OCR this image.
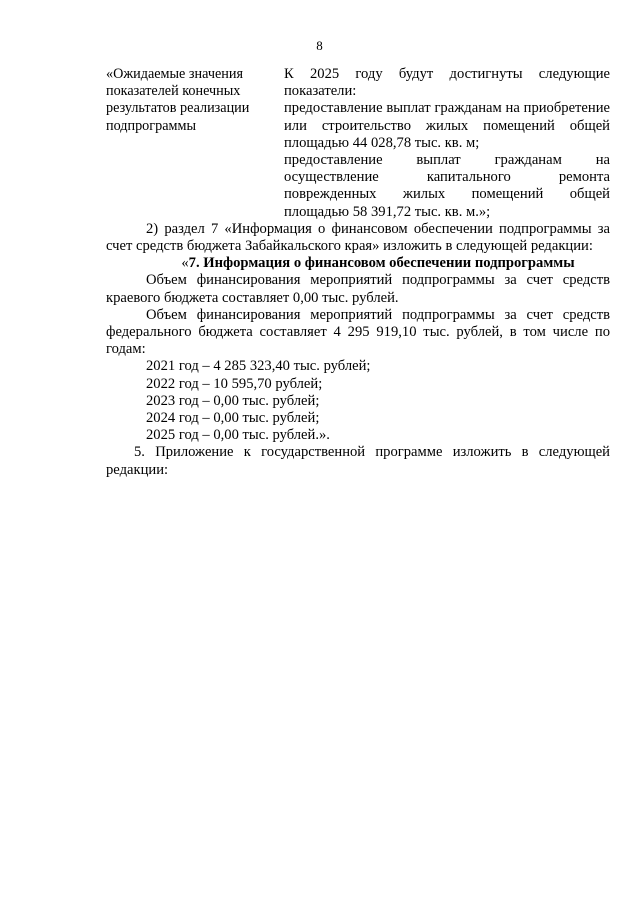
8
«Ожидаемые значения показателей конечных результатов реализации подпрограммы

К 2025 году будут достигнуты следующие показатели:

предоставление выплат гражданам на приобретение или строительство жилых помещений общей площадью 44 028,78 тыс. кв. м;

предоставление выплат гражданам на осуществление капитального ремонта поврежденных жилых помещений общей площадью 58 391,72 тыс. кв. м.»;

2) раздел 7 «Информация о финансовом обеспечении подпрограммы за счет средств бюджета Забайкальского края» изложить в следующей редакции:

«7. Информация о финансовом обеспечении подпрограммы

Объем финансирования мероприятий подпрограммы за счет средств краевого бюджета составляет 0,00 тыс. рублей.

Объем финансирования мероприятий подпрограммы за счет средств федерального бюджета составляет 4 295 919,10 тыс. рублей, в том числе по годам:

2021 год – 4 285 323,40 тыс. рублей;

2022 год – 10 595,70 рублей;

2023 год – 0,00 тыс. рублей;

2024 год – 0,00 тыс. рублей;

2025 год – 0,00 тыс. рублей.».

5. Приложение к государственной программе изложить в следующей редакции:
